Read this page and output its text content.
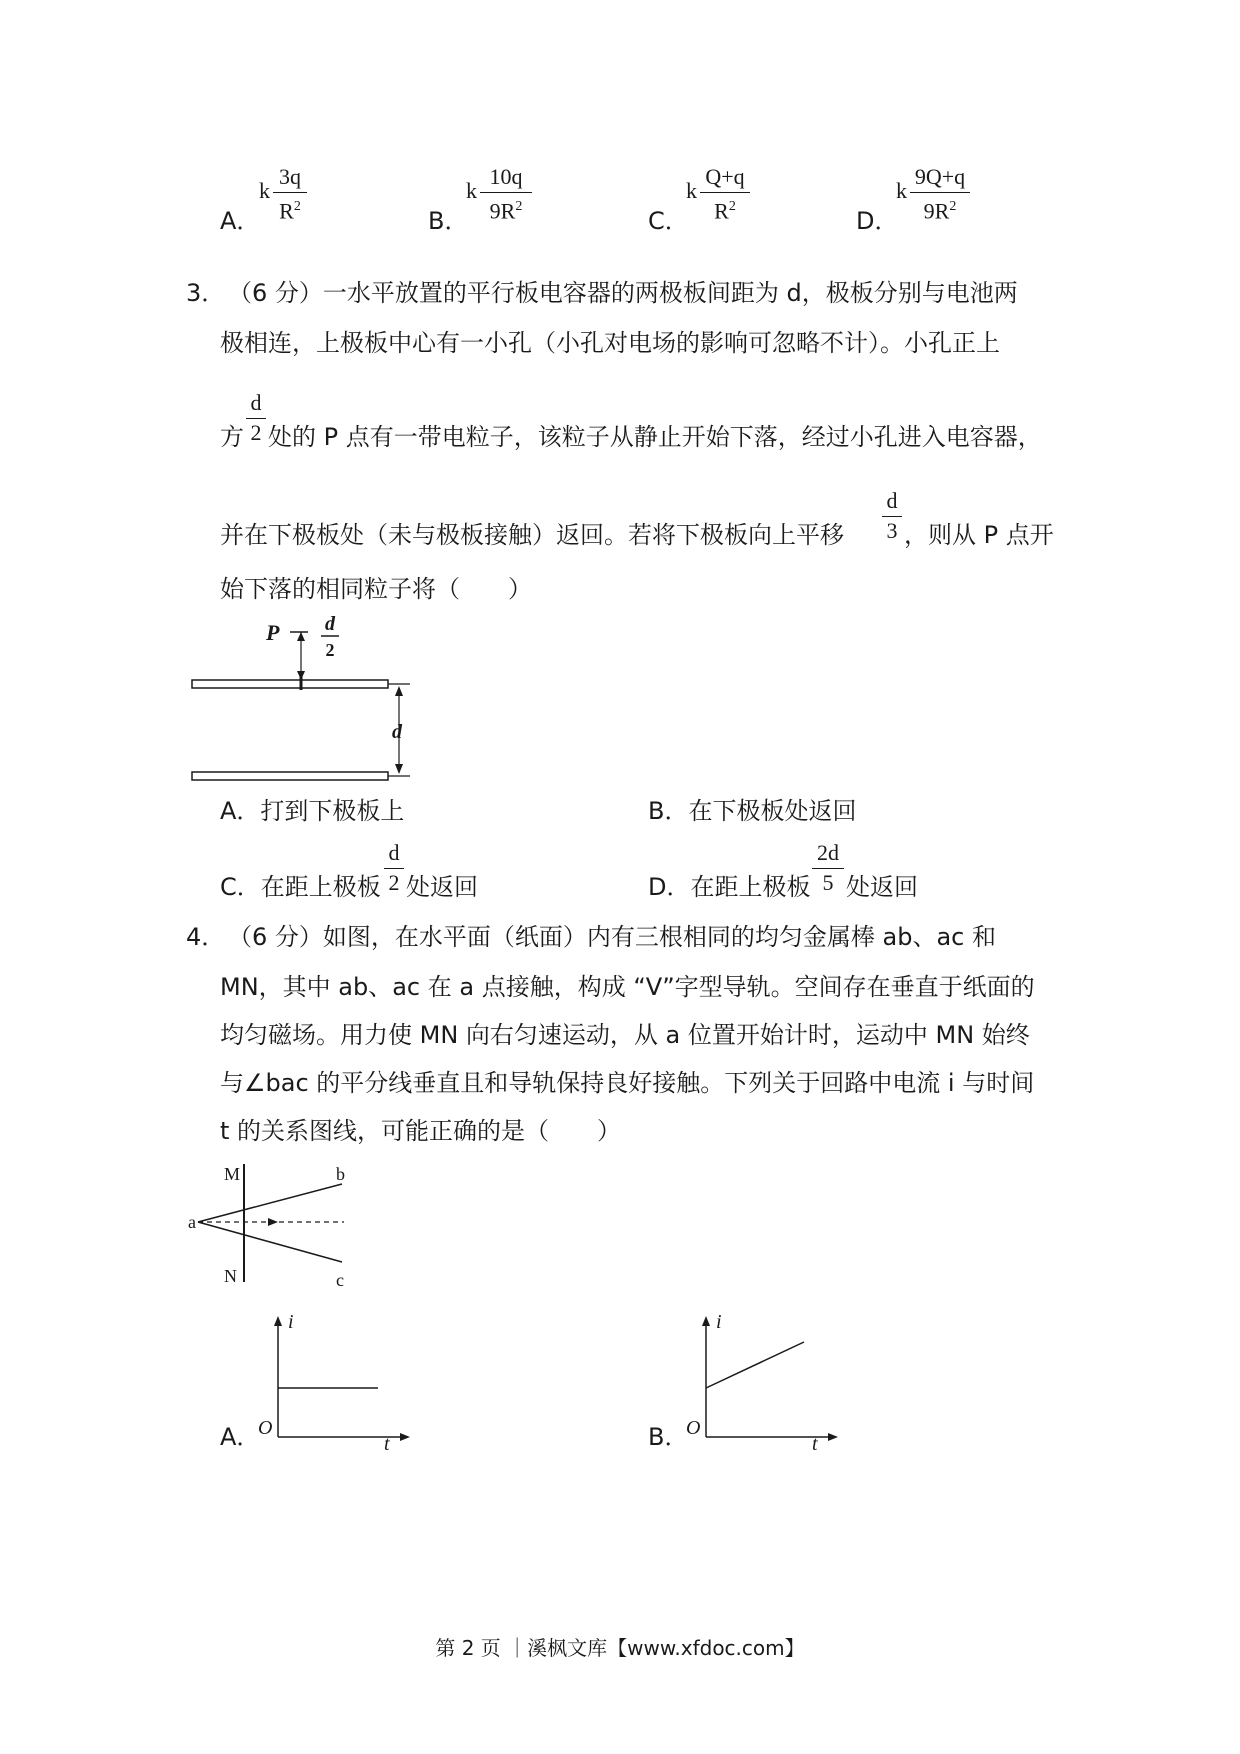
A．
k
3q
$R^2$
B．
k
10q
$9R^2$
C．
k
Q+q
$R^2$
D．
k
9Q+q
$9R^2$
3． （6 分）一水平放置的平行板电容器的两极板间距为 d，极板分别与电池两
极相连，上极板中心有一小孔（小孔对电场的影响可忽略不计）。小孔正上
方
d
2 处的 P 点有一带电粒子，该粒子从静止开始下落，经过小孔进入电容器，
并在下极板处（未与极板接触）返回。若将下极板向上平移
d
3 ，则从 P 点开
始下落的相同粒子将（　　）
P d
2
d
A．打到下极板上	B．在下极板处返回
C．在距上极板
d
2 处返回	D．在距上极板
2d
5 处返回
4． （6 分）如图，在水平面（纸面）内有三根相同的均匀金属棒 ab、ac 和
MN，其中 ab、ac 在 a 点接触，构成 “V”字型导轨。空间存在垂直于纸面的
均匀磁场。用力使 MN 向右匀速运动，从 a 位置开始计时，运动中 MN 始终
与∠bac 的平分线垂直且和导轨保持良好接触。下列关于回路中电流 i 与时间
t 的关系图线，可能正确的是（　　）
M
N
a
b
c
A．
i
O
t	B．
i
O
t
第 2 页 ｜溪枫文库【www.xfdoc.com】
